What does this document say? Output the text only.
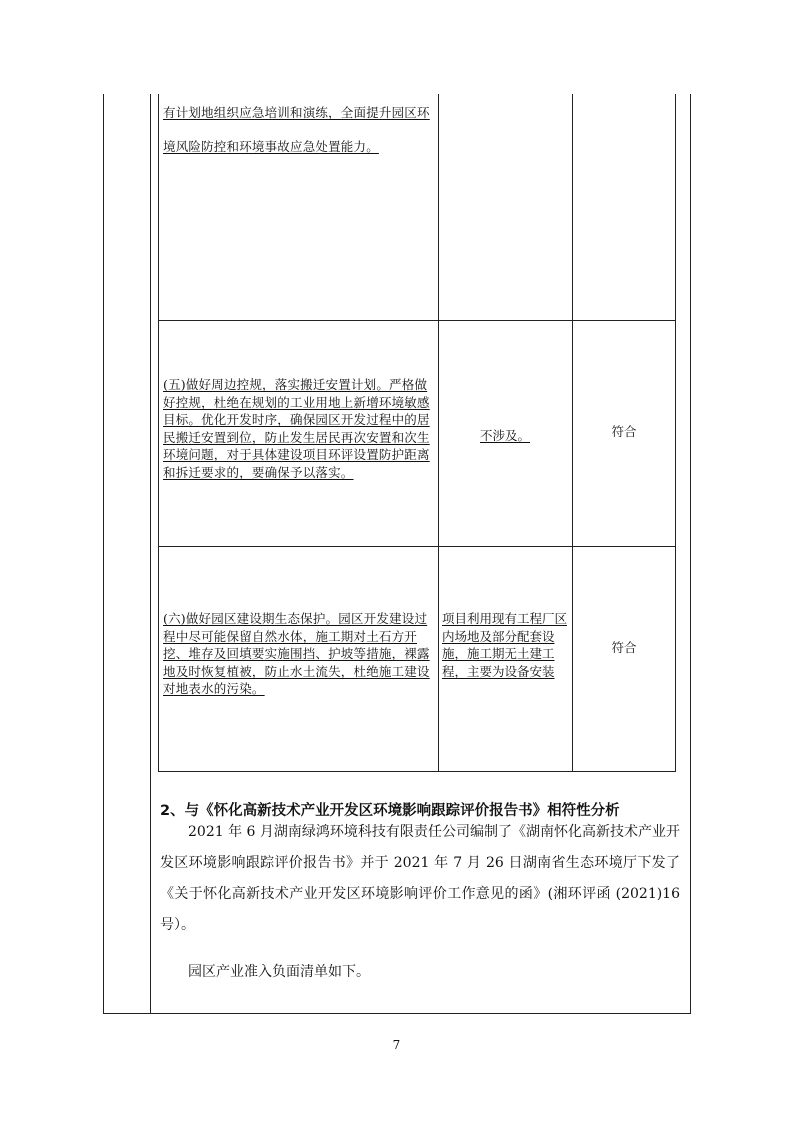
有计划地组织应急培训和演练，全面提升园区环境风险防控和环境事故应急处置能力。
(五)做好周边控规，落实搬迁安置计划。严格做好控规，杜绝在规划的工业用地上新增环境敏感目标。优化开发时序，确保园区开发过程中的居民搬迁安置到位，防止发生居民再次安置和次生环境问题，对于具体建设项目环评设置防护距离和拆迁要求的，要确保予以落实。
不涉及。	符合
(六)做好园区建设期生态保护。园区开发建设过程中尽可能保留自然水体，施工期对土石方开挖、堆存及回填要实施围挡、护坡等措施，裸露地及时恢复植被，防止水土流失，杜绝施工建设对地表水的污染。
项目利用现有工程厂区内场地及部分配套设施，施工期无土建工程，主要为设备安装
符合
2、与《怀化高新技术产业开发区环境影响跟踪评价报告书》相符性分析
2021 年 6 月湖南绿鸿环境科技有限责任公司编制了《湖南怀化高新技术产业开发区环境影响跟踪评价报告书》并于 2021 年 7 月 26 日湖南省生态环境厅下发了《关于怀化高新技术产业开发区环境影响评价工作意见的函》(湘环评函 (2021)16 号）。
园区产业准入负面清单如下。
7
